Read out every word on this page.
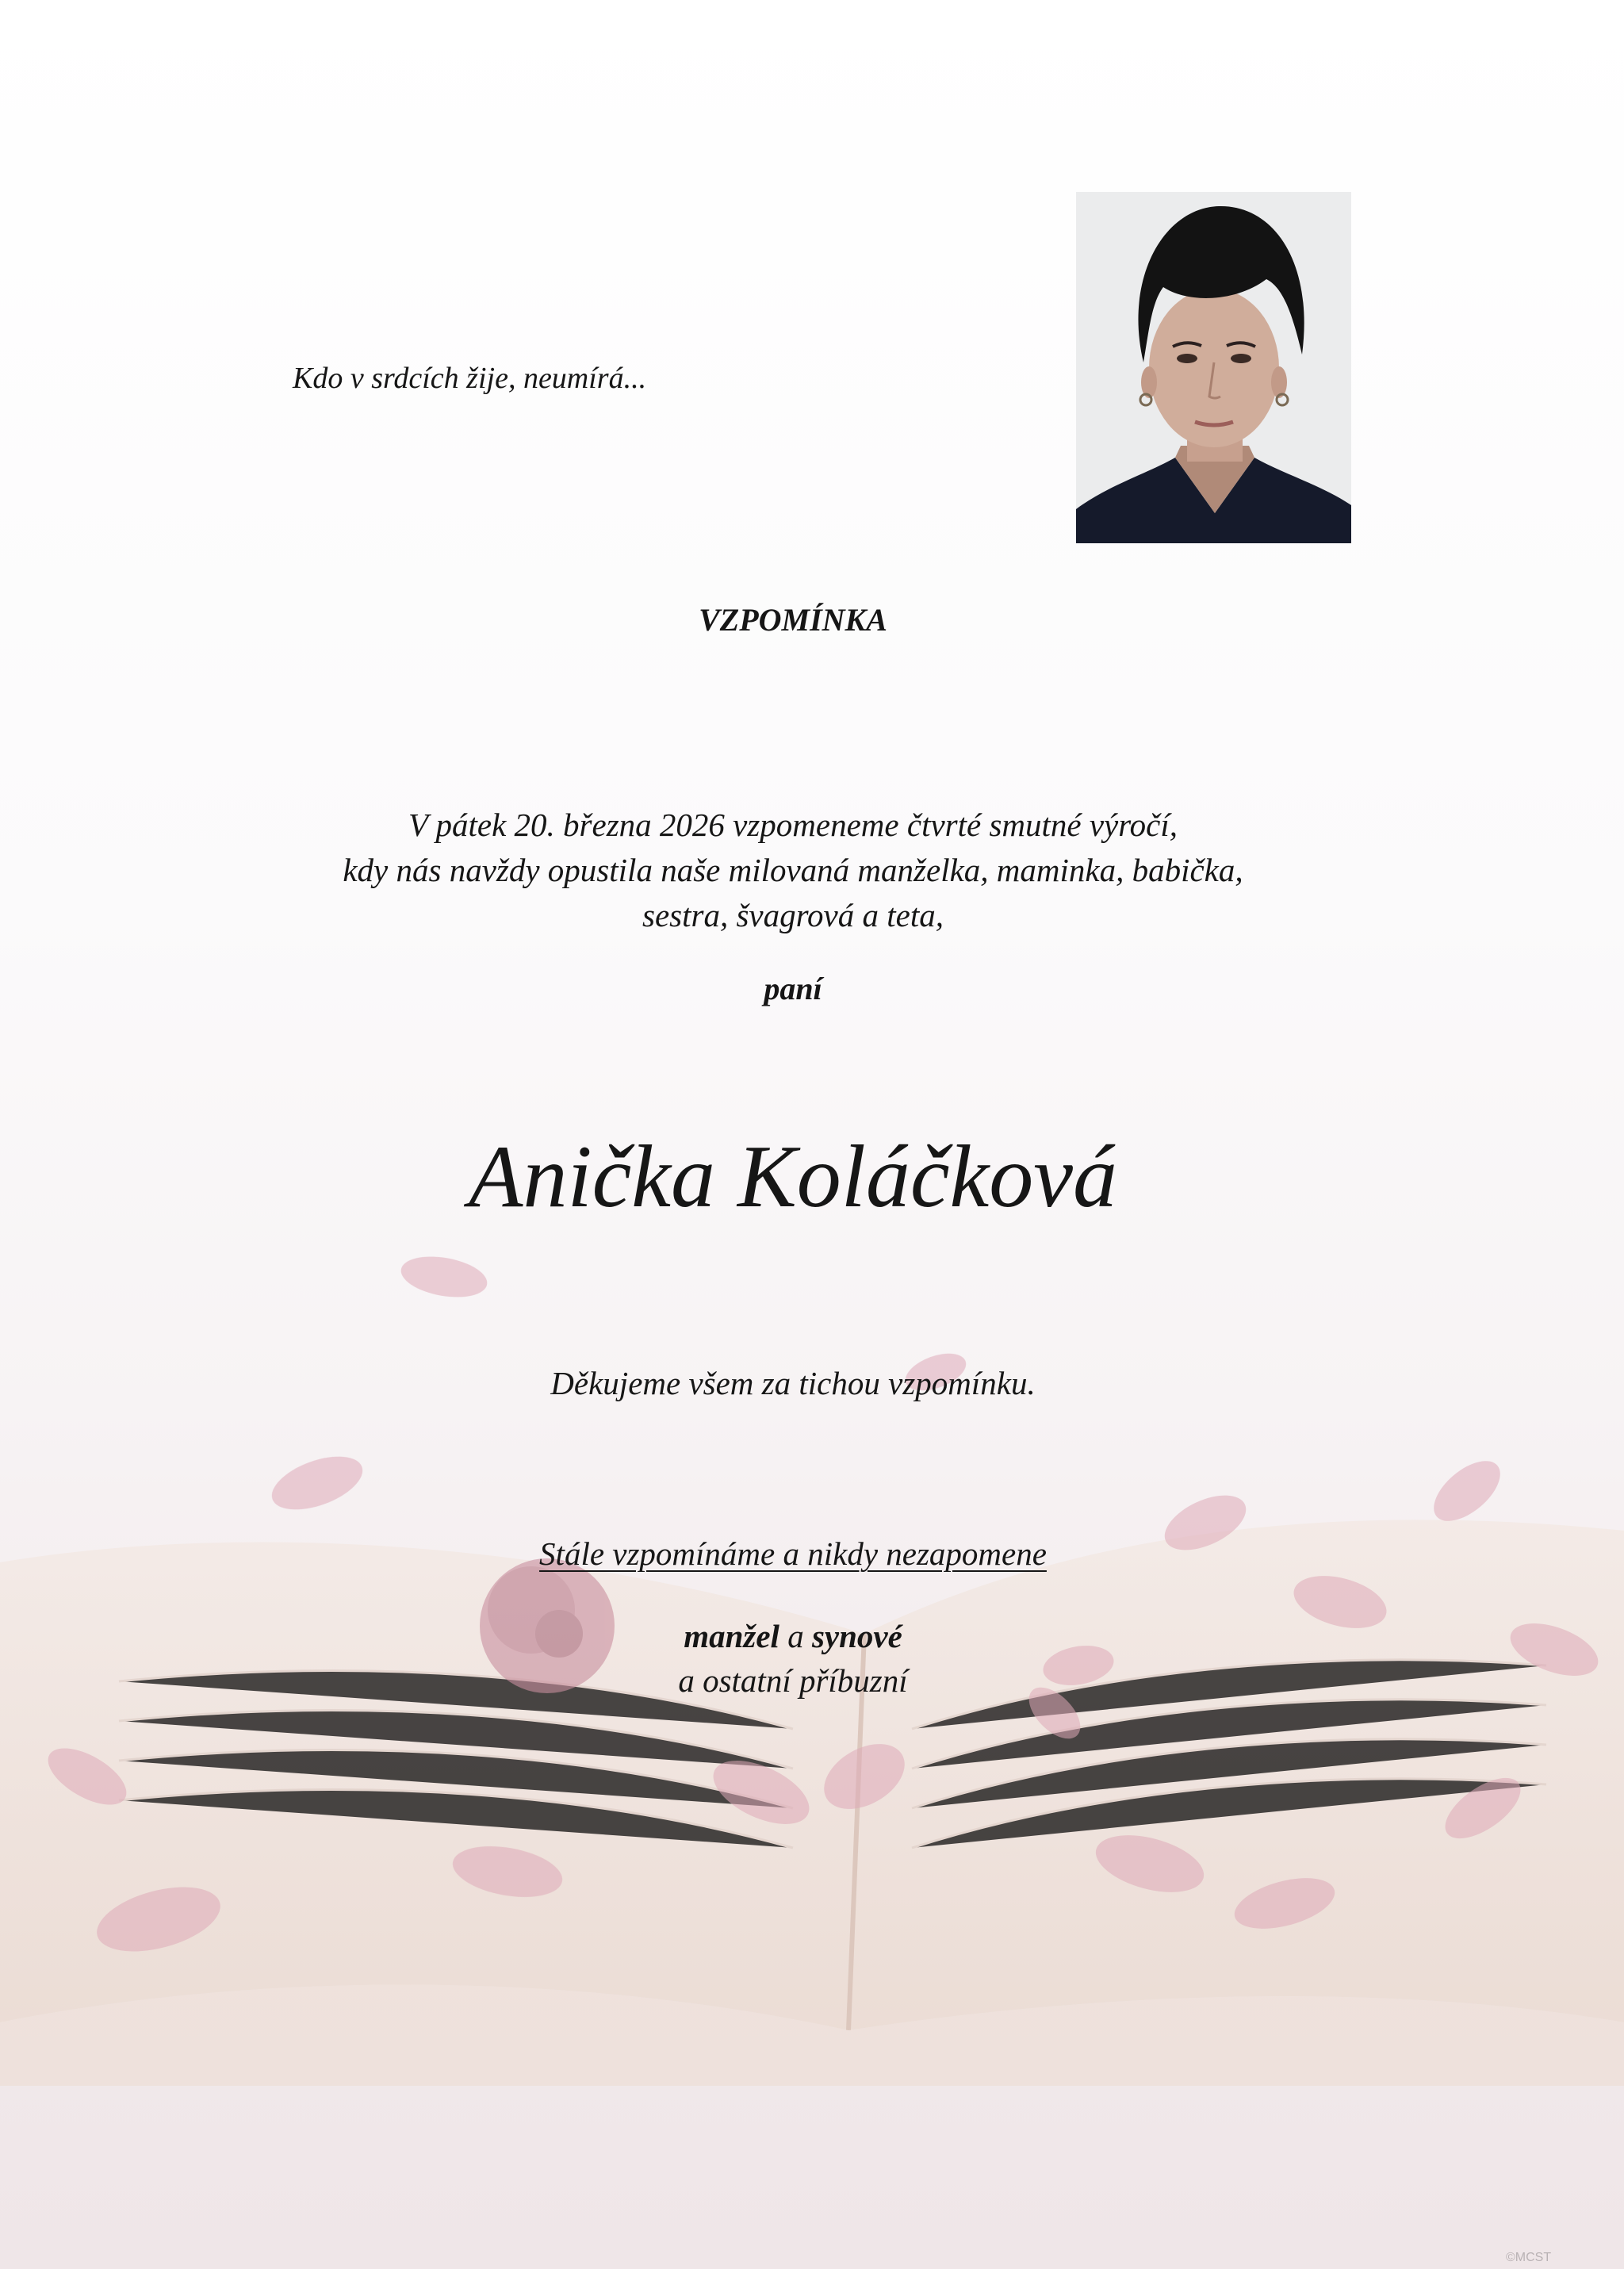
Kdo v srdcích žije, neumírá...
VZPOMÍNKA
V pátek 20. března 2026 vzpomeneme čtvrté smutné výročí,
kdy nás navždy opustila naše milovaná manželka, maminka, babička,
sestra, švagrová a teta,
paní
Anička Koláčková
Děkujeme všem za tichou vzpomínku.
Stále vzpomínáme a nikdy nezapomene
manžel a synové
a ostatní příbuzní
©MCST
